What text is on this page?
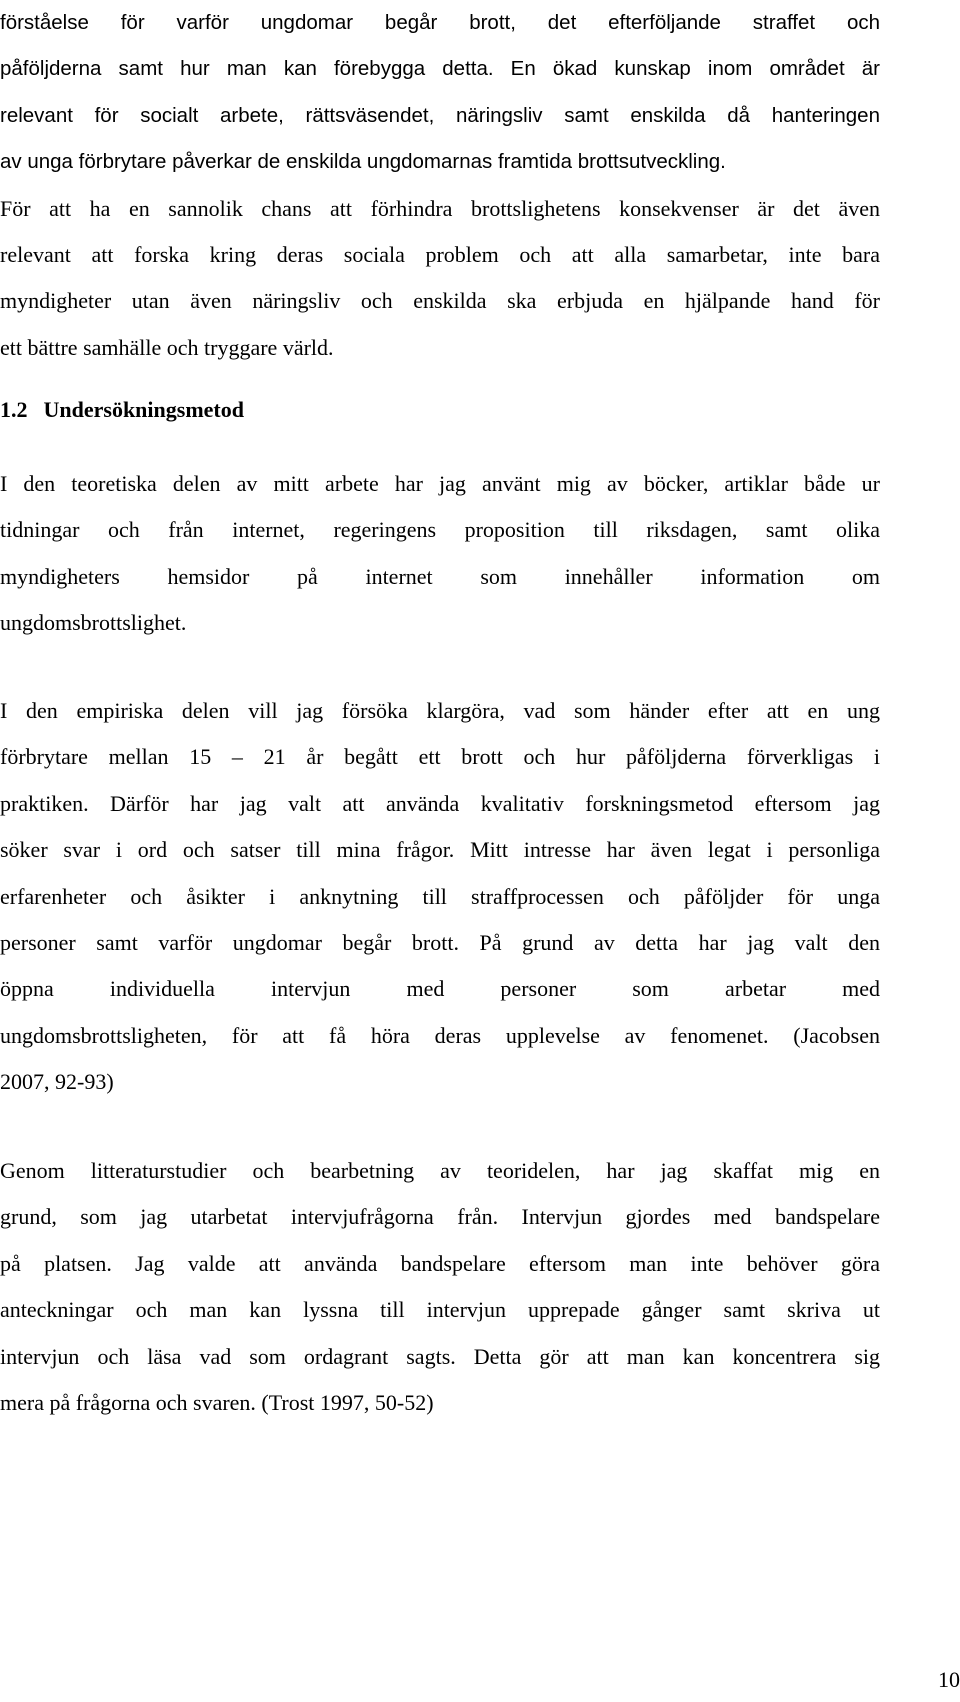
förståelse för varför ungdomar begår brott, det efterföljande straffet och
påföljderna samt hur man kan förebygga detta. En ökad kunskap inom området är
relevant för socialt arbete, rättsväsendet, näringsliv samt enskilda då hanteringen
av unga förbrytare påverkar de enskilda ungdomarnas framtida brottsutveckling.
För att ha en sannolik chans att förhindra brottslighetens konsekvenser är det även
relevant att forska kring deras sociala problem och att alla samarbetar, inte bara
myndigheter utan även näringsliv och enskilda ska erbjuda en hjälpande hand för
ett bättre samhälle och tryggare värld.
1.2 Undersökningsmetod
I den teoretiska delen av mitt arbete har jag använt mig av böcker, artiklar både ur
tidningar och från internet, regeringens proposition till riksdagen, samt olika
myndigheters hemsidor på internet som innehåller information om
ungdomsbrottslighet.
I den empiriska delen vill jag försöka klargöra, vad som händer efter att en ung
förbrytare mellan 15 – 21 år begått ett brott och hur påföljderna förverkligas i
praktiken. Därför har jag valt att använda kvalitativ forskningsmetod eftersom jag
söker svar i ord och satser till mina frågor. Mitt intresse har även legat i personliga
erfarenheter och åsikter i anknytning till straffprocessen och påföljder för unga
personer samt varför ungdomar begår brott. På grund av detta har jag valt den
öppna individuella intervjun med personer som arbetar med
ungdomsbrottsligheten, för att få höra deras upplevelse av fenomenet. (Jacobsen
2007, 92-93)
Genom litteraturstudier och bearbetning av teoridelen, har jag skaffat mig en
grund, som jag utarbetat intervjufrågorna från. Intervjun gjordes med bandspelare
på platsen. Jag valde att använda bandspelare eftersom man inte behöver göra
anteckningar och man kan lyssna till intervjun upprepade gånger samt skriva ut
intervjun och läsa vad som ordagrant sagts. Detta gör att man kan koncentrera sig
mera på frågorna och svaren. (Trost 1997, 50-52)
10
